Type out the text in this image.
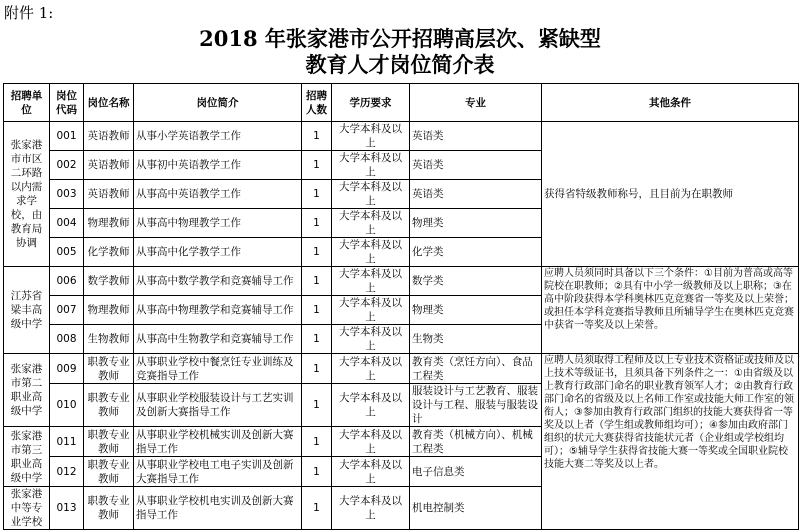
附件 1:
2018 年张家港市公开招聘高层次、紧缺型
教育人才岗位简介表
招聘单位	岗位代码	岗位名称	岗位简介	招聘人数	学历要求	专业	其他条件
张家港市市区二环路以内需求学校，由教育局协调	001	英语教师	从事小学英语教学工作	1	大学本科及以上	英语类	获得省特级教师称号，且目前为在职教师
	002	英语教师	从事初中英语教学工作	1	大学本科及以上	英语类	
	003	英语教师	从事高中英语教学工作	1	大学本科及以上	英语类	
	004	物理教师	从事高中物理教学工作	1	大学本科及以上	物理类	
	005	化学教师	从事高中化学教学工作	1	大学本科及以上	化学类	
江苏省梁丰高级中学	006	数学教师	从事高中数学教学和竞赛辅导工作	1	大学本科及以上	数学类	应聘人员须同时具备以下三个条件：①目前为普高或高等院校在职教师；②具有中小学一级教师及以上职称；③在高中阶段获得本学科奥林匹克竞赛省一等奖及以上荣誉；或担任本学科竞赛指导教师且所辅导学生在奥林匹克竞赛中获省一等奖及以上荣誉。
	007	物理教师	从事高中物理教学和竞赛辅导工作	1	大学本科及以上	物理类	
	008	生物教师	从事高中生物教学和竞赛辅导工作	1	大学本科及以上	生物类	
张家港市第二职业高级中学	009	职教专业教师	从事职业学校中餐烹饪专业训练及竞赛指导工作	1	大学本科及以上	教育类（烹饪方向）、食品工程类	应聘人员须取得工程师及以上专业技术资格证或技师及以上技术等级证书，且须具备下列条件之一：①由省级及以上教育行政部门命名的职业教育领军人才；②由教育行政部门命名的省级及以上名师工作室或技能大师工作室的领衔人；③参加由教育行政部门组织的技能大赛获得省一等奖及以上者（学生组或教师组均可）；④参加由政府部门组织的状元大赛获得省技能状元者（企业组或学校组均可）；⑤辅导学生获得省技能大赛一等奖或全国职业院校技能大赛二等奖及以上者。
	010	职教专业教师	从事职业学校服装设计与工艺实训及创新大赛指导工作	1	大学本科及以上	服装设计与工艺教育、服装设计与工程、服装与服装设计	
张家港市第三职业高级中学	011	职教专业教师	从事职业学校机械实训及创新大赛指导工作	1	大学本科及以上	教育类（机械方向）、机械工程类	
	012	职教专业教师	从事职业学校电工电子实训及创新大赛指导工作	1	大学本科及以上	电子信息类	
张家港中等专业学校	013	职教专业教师	从事职业学校机电实训及创新大赛指导工作	1	大学本科及以上	机电控制类	
